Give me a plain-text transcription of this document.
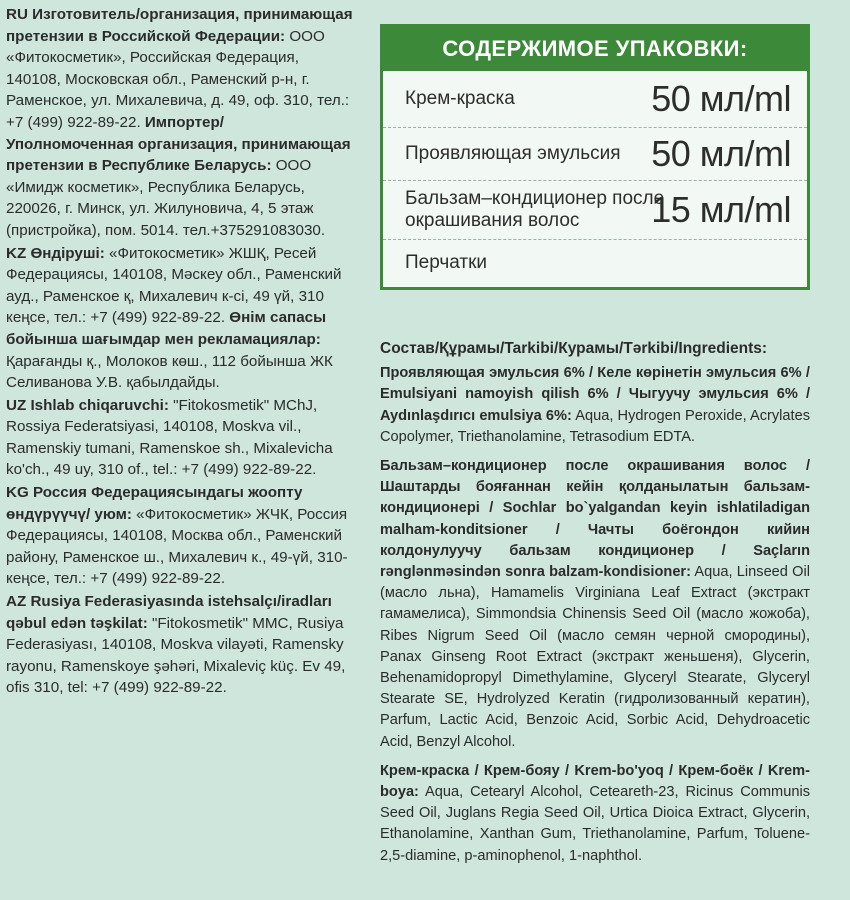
RU Изготовитель/организация, принимающая претензии в Российской Федерации: ООО «Фитокосметик», Российская Федерация, 140108, Московская обл., Раменский р-н, г. Раменское, ул. Михалевича, д. 49, оф. 310, тел.: +7 (499) 922-89-22. Импортер/ Уполномоченная организация, принимающая претензии в Республике Беларусь: ООО «Имидж косметик», Республика Беларусь, 220026, г. Минск, ул. Жилуновича, 4, 5 этаж (пристройка), пом. 5014. тел.+375291083030.
KZ Өндіруші: «Фитокосметик» ЖШҚ, Ресей Федерациясы, 140108, Мәскеу обл., Раменский ауд., Раменское қ, Михалевич к-сі, 49 үй, 310 кеңсе, тел.: +7 (499) 922-89-22. Өнім сапасы бойынша шағымдар мен рекламациялар: Қарағанды қ., Молоков көш., 112 бойынша ЖК Селиванова У.В. қабылдайды.
UZ Ishlab chiqaruvchi: "Fitokosmetik" MChJ, Rossiya Federatsiyasi, 140108, Moskva vil., Ramenskiy tumani, Ramenskoe sh., Mixalevicha ko'ch., 49 uy, 310 of., tel.: +7 (499) 922-89-22.
KG Россия Федерациясындагы жоопту өндүрүүчү/ уюм: «Фитокосметик» ЖЧК, Россия Федерациясы, 140108, Москва обл., Раменский району, Раменское ш., Михалевич к., 49-үй, 310-кеңсе, тел.: +7 (499) 922-89-22.
AZ Rusiya Federasiyasında istehsalçı/iradları qəbul edən təşkilat: "Fitokosmetik" MMC, Rusiya Federasiyası, 140108, Moskva vilayəti, Ramensky rayonu, Ramenskoye şəhəri, Mixaleviç küç. Ev 49, ofis 310, tel: +7 (499) 922-89-22.
СОДЕРЖИМОЕ УПАКОВКИ:
Крем-краска	50 мл/ml
Проявляющая эмульсия 50 мл/ml
Бальзам–кондиционер после окрашивания волос	15 мл/ml
Перчатки
Состав/Құрамы/Tarkibi/Курамы/Tərkibi/Ingredients:
Проявляющая эмульсия 6% / Келе көрінетін эмульсия 6% / Emulsiyani namoyish qilish 6% / Чыгуучу эмульсия 6% / Aydınlaşdırıcı emulsiya 6%: Aqua, Hydrogen Peroxide, Acrylates Copolymer, Triethanolamine, Tetrasodium EDTA.
Бальзам–кондиционер после окрашивания волос / Шаштарды бояғаннан кейін қолданылатын бальзам-кондиционері / Sochlar bo`yalgandan keyin ishlatiladigan malham-konditsioner / Чачты боёгондон кийин колдонулуучу бальзам кондиционер / Saçların rənglənməsindən sonra balzam-kondisioner: Aqua, Linseed Oil (масло льна), Hamamelis Virginiana Leaf Extract (экстракт гамамелиса), Simmondsia Chinensis Seed Oil (масло жожоба), Ribes Nigrum Seed Oil (масло семян черной смородины), Panax Ginseng Root Extract (экстракт женьшеня), Glycerin, Behenamidopropyl Dimethylamine, Glyceryl Stearate, Glyceryl Stearate SE, Hydrolyzed Keratin (гидролизованный кератин), Parfum, Lactic Acid, Benzoic Acid, Sorbic Acid, Dehydroacetic Acid, Benzyl Alcohol.
Крем-краска / Крем-бояу / Krem-bo'yoq / Крем-боёк / Krem-boya: Aqua, Cetearyl Alcohol, Ceteareth-23, Ricinus Communis Seed Oil, Juglans Regia Seed Oil, Urtica Dioica Extract, Glycerin, Ethanolamine, Xanthan Gum, Triethanolamine, Parfum, Toluene-2,5-diamine, p-aminophenol, 1-naphthol.
